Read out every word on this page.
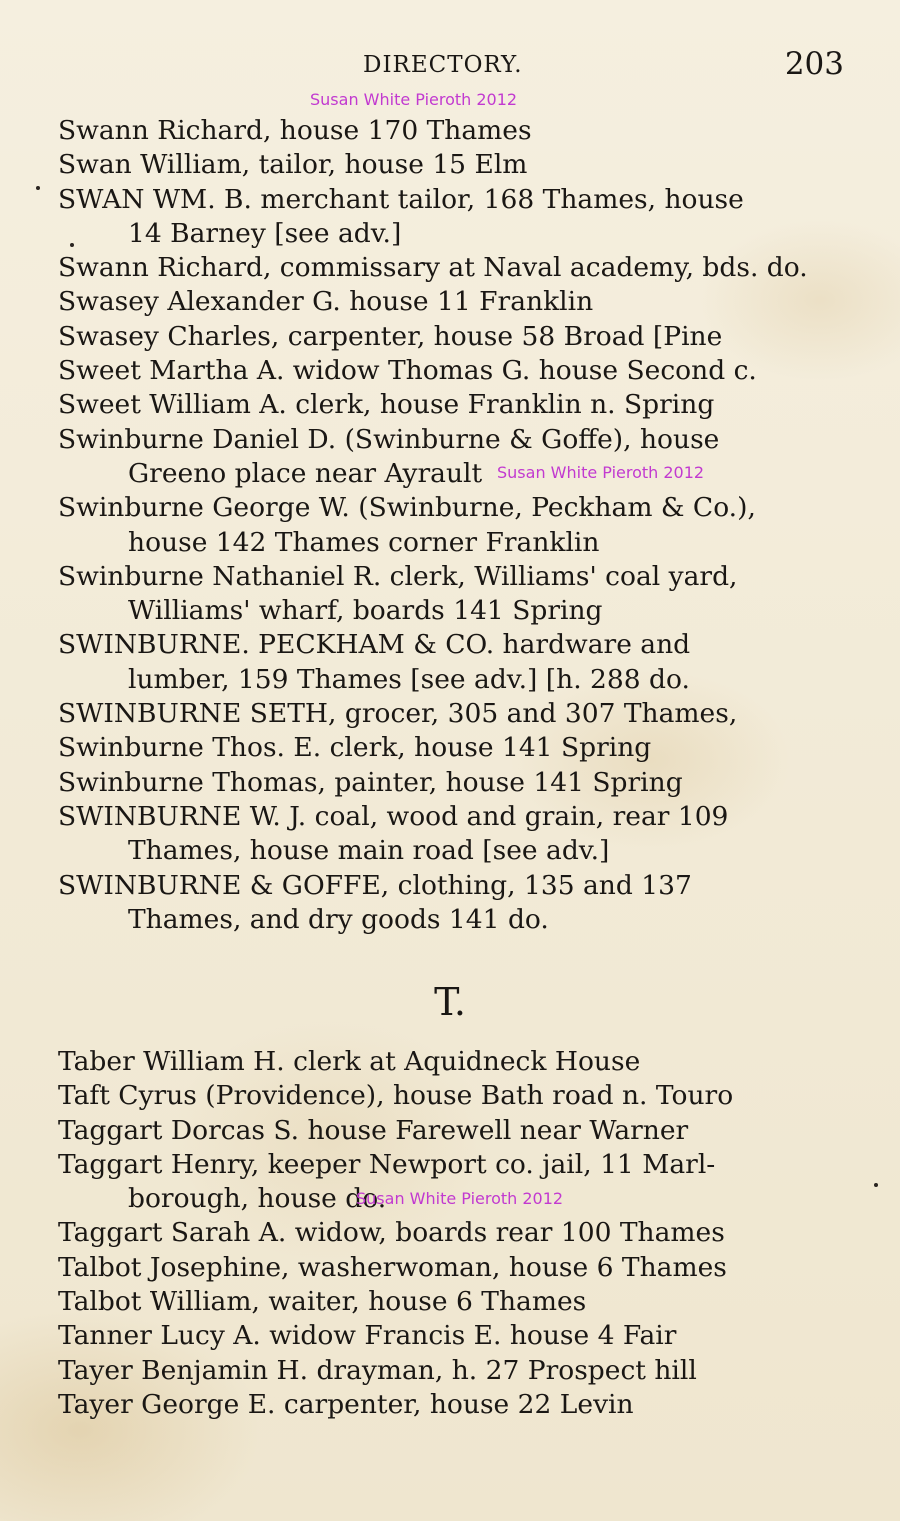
DIRECTORY.	203
Swann Richard, house 170 Thames
Swan William, tailor, house 15 Elm
SWAN WM. B. merchant tailor, 168 Thames, house
14 Barney [see adv.]
Swann Richard, commissary at Naval academy, bds. do.
Swasey Alexander G. house 11 Franklin
Swasey Charles, carpenter, house 58 Broad [Pine
Sweet Martha A. widow Thomas G. house Second c.
Sweet William A. clerk, house Franklin n. Spring
Swinburne Daniel D. (Swinburne & Goffe), house
Greeno place near Ayrault
Swinburne George W. (Swinburne, Peckham & Co.),
house 142 Thames corner Franklin
Swinburne Nathaniel R. clerk, Williams' coal yard,
Williams' wharf, boards 141 Spring
SWINBURNE. PECKHAM & CO. hardware and
lumber, 159 Thames [see adv.] [h. 288 do.
SWINBURNE SETH, grocer, 305 and 307 Thames,
Swinburne Thos. E. clerk, house 141 Spring
Swinburne Thomas, painter, house 141 Spring
SWINBURNE W. J. coal, wood and grain, rear 109
Thames, house main road [see adv.]
SWINBURNE & GOFFE, clothing, 135 and 137
Thames, and dry goods 141 do.
T.
Taber William H. clerk at Aquidneck House
Taft Cyrus (Providence), house Bath road n. Touro
Taggart Dorcas S. house Farewell near Warner
Taggart Henry, keeper Newport co. jail, 11 Marl-
borough, house do.
Taggart Sarah A. widow, boards rear 100 Thames
Talbot Josephine, washerwoman, house 6 Thames
Talbot William, waiter, house 6 Thames
Tanner Lucy A. widow Francis E. house 4 Fair
Tayer Benjamin H. drayman, h. 27 Prospect hill
Tayer George E. carpenter, house 22 Levin
Susan White Pieroth 2012
Susan White Pieroth 2012
Susan White Pieroth 2012
